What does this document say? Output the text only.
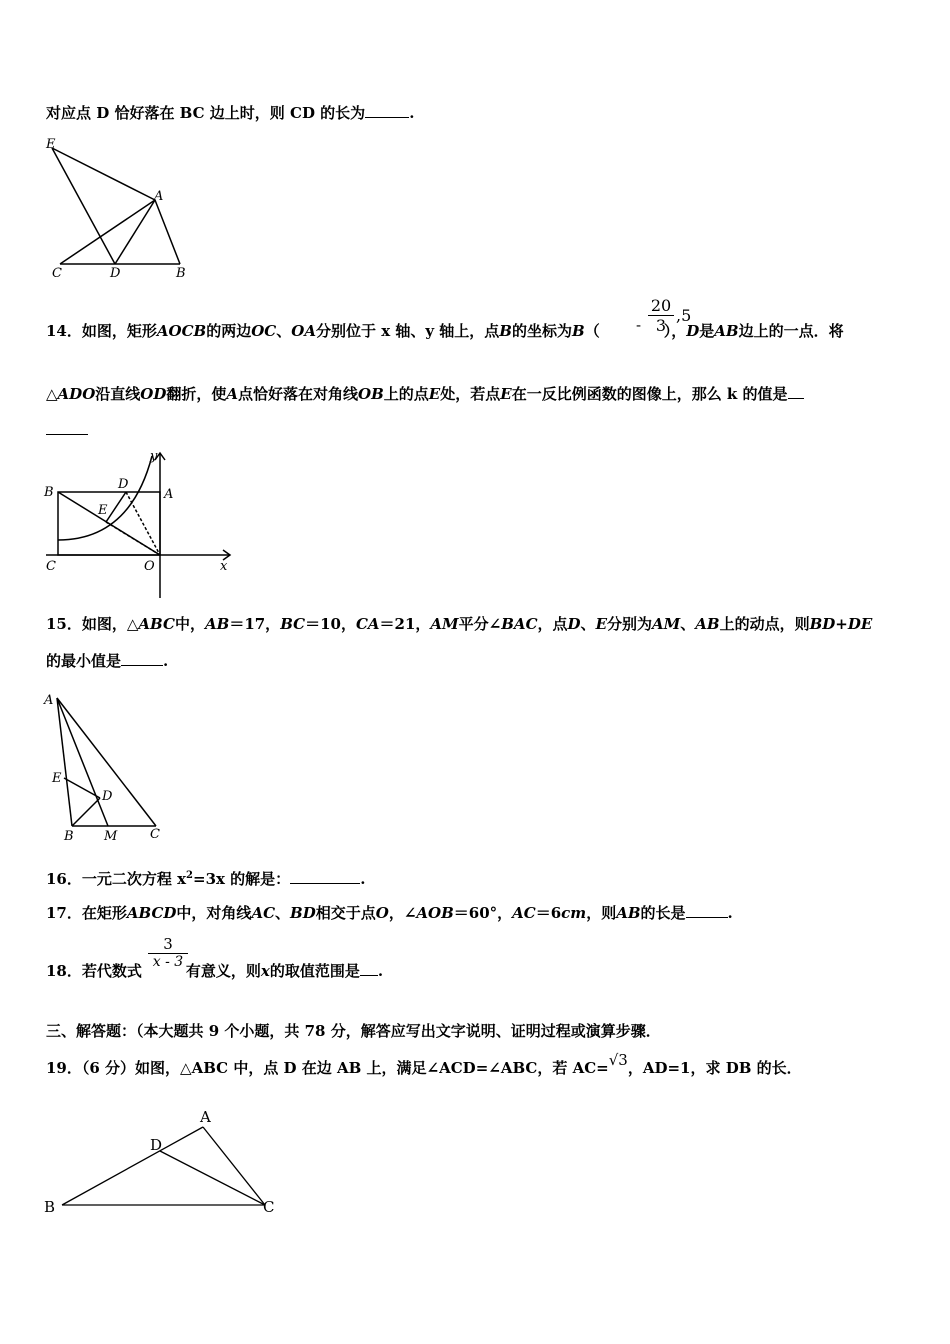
对应点 D 恰好落在 BC 边上时，则 CD 的长为	.
E
A
C	D	B
14．如图，矩形AOCB的两边OC、OA分别位于 x 轴、y 轴上，点B的坐标为B（	），D是AB边上的一点．将
- $\frac{20}{3} ,5$
△ADO沿直线OD翻折，使A点恰好落在对角线OB上的点E处，若点E在一反比例函数的图像上，那么 k 的值是
y
D
B	A
E
C	O	x
15．如图，△ABC中，AB＝17，BC＝10，CA＝21，AM平分∠BAC，点D、E分别为AM、AB上的动点，则BD+DE
的最小值是	.
A
E
D
B M	C
16．一元二次方程 $x^2=3x$ 的解是：	.
17．在矩形ABCD中，对角线AC、BD相交于点O，∠AOB＝60°，AC＝6cm，则AB的长是	.
18．若代数式	有意义，则x的取值范围是 .
$\frac{3}{x - 3}$
三、解答题：（本大题共 9 个小题，共 78 分，解答应写出文字说明、证明过程或演算步骤．
19．（6 分）如图，△ABC 中，点 D 在边 AB 上，满足∠ACD=∠ABC，若 AC=√3，AD=1，求 DB 的长．
A
D
B	C
